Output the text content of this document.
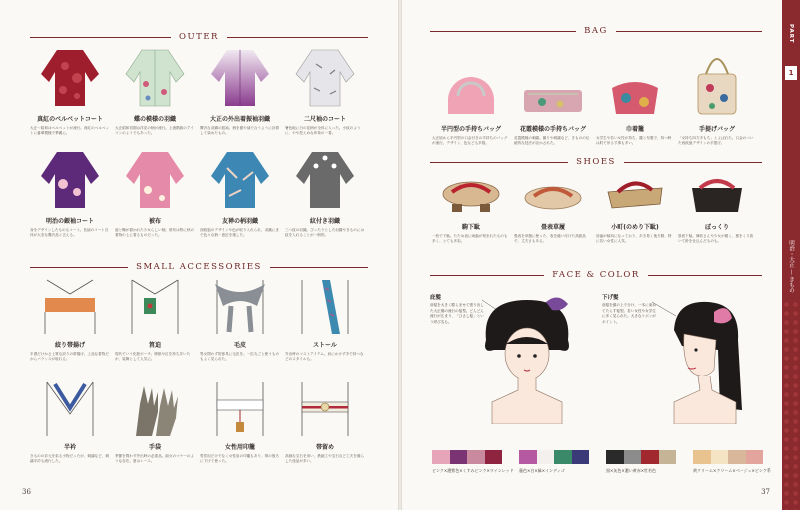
OUTER
真紅のベルベットコート
大正〜昭和はベルベットが流行。深紅のベルベットに番傘模様で華麗に。
蝶の模様の羽織
大正昭和初期は洋花の柄が流行。上流階級のアイコンのようでもあった。
大正の外出着振袖羽織
贅沢な羽織の振袖。柄を裾や袖で合うように計算して染めたもの。
二尺袖のコート
暑色地に白の花柄が全体に入った。小紋のように、やや控えめな印象の一着。
明治の銀袖コート
身をデザインしたものもコート。長袖のコート自体が大変な贅沢品と言える。
被布
旋と鞠が描かれた少女らしい柄。被布は特に秋の着物の上に着るものだった。
友禅の柄羽織
西欧風のデザインや色が取り入れられ、羽織にまで色々な柄・意匠を施した。
紋付き羽織
三つ紋の羽織。ぴったりとした羽織やきものには紋を入れることが一般的。
SMALL ACCESSORIES
絞り帯揚げ
半襟だけかさ上質な絞りの帯揚げ。上品な着物だからバランスが取れる。
筥迫
現代でいう化粧ポーチ。懐紙や紅を持ち歩いたが、装飾として人気に。
毛皮
男女問わず防寒具に毛皮を。一匹丸ごと使うものもよく見られた。
ストール
外出時のマストアイテム。肩にかけず手で持つなどのスタイルも。
半衿
きものの衿元を彩る小物だったが、刺繍など、刺繍半衿も流行した。
手袋
季節を問わず外出時の必需品。淑女のマナーのような存在。夏はレース。
女性用印籠
男性用だけでなく女性用の印籠もあり、帯の後ろに下げて使った。
帯留め
高価な宝石を用い、鉄細工や宝石など工夫を凝らした逸品が多い。
36
BAG
半円型の手持ちバッグ
大正頃から半円型の口金付きの手持ちのバッグが流行。デザイン、色なども多数。
花霞模様の手持ちバッグ
花霞模様の刺繍。織りや刺繍など、きものの伝統的な技法が活かされた。
巾着籠
女学生や若い女性が持ち、籠と布製で、持つ時は肘で吊るす事も多い。
手提げバッグ
「女持ち四方手もち」とよばれた。口金のついた西欧風デザインの手提げ。
SHOES
駒下駄
一枚で下駄。たため表に両歯が刻まれたものも多く、とても多彩。
畳表草履
畳表を草履に使った、表を縫い付けた高級品で、丈夫さもある。
小町(のめり下駄)
前歯が傾斜になっており、歩き易く後ろ側、特に若い女性に人気。
ぽっくり
厚底下駄。舞妓さんや少女が履く、裏をくり抜いて鈴を仕込んだものも。
FACE & COLOR
庇髪
前髪を大きく膨らませて張り出した大正期の流行の髪型。どんどん流行が広まり、「ひさし髪」という呼び名も。
下げ髪
前髪を顔の上で分け、一本に束ねてたらす髪型。若い女性や女学生に多く見られた。大きなリボンがポイント。
ピンク×濃紫色×くすみピンク×ワインレッド 藤色×白×緑×インディゴ	黒×灰色×濃い黄赤×牡若色	黄クリーム×クリーム×ベージュ×ピンク系
37
PART
1
明治・大正 — きもの
